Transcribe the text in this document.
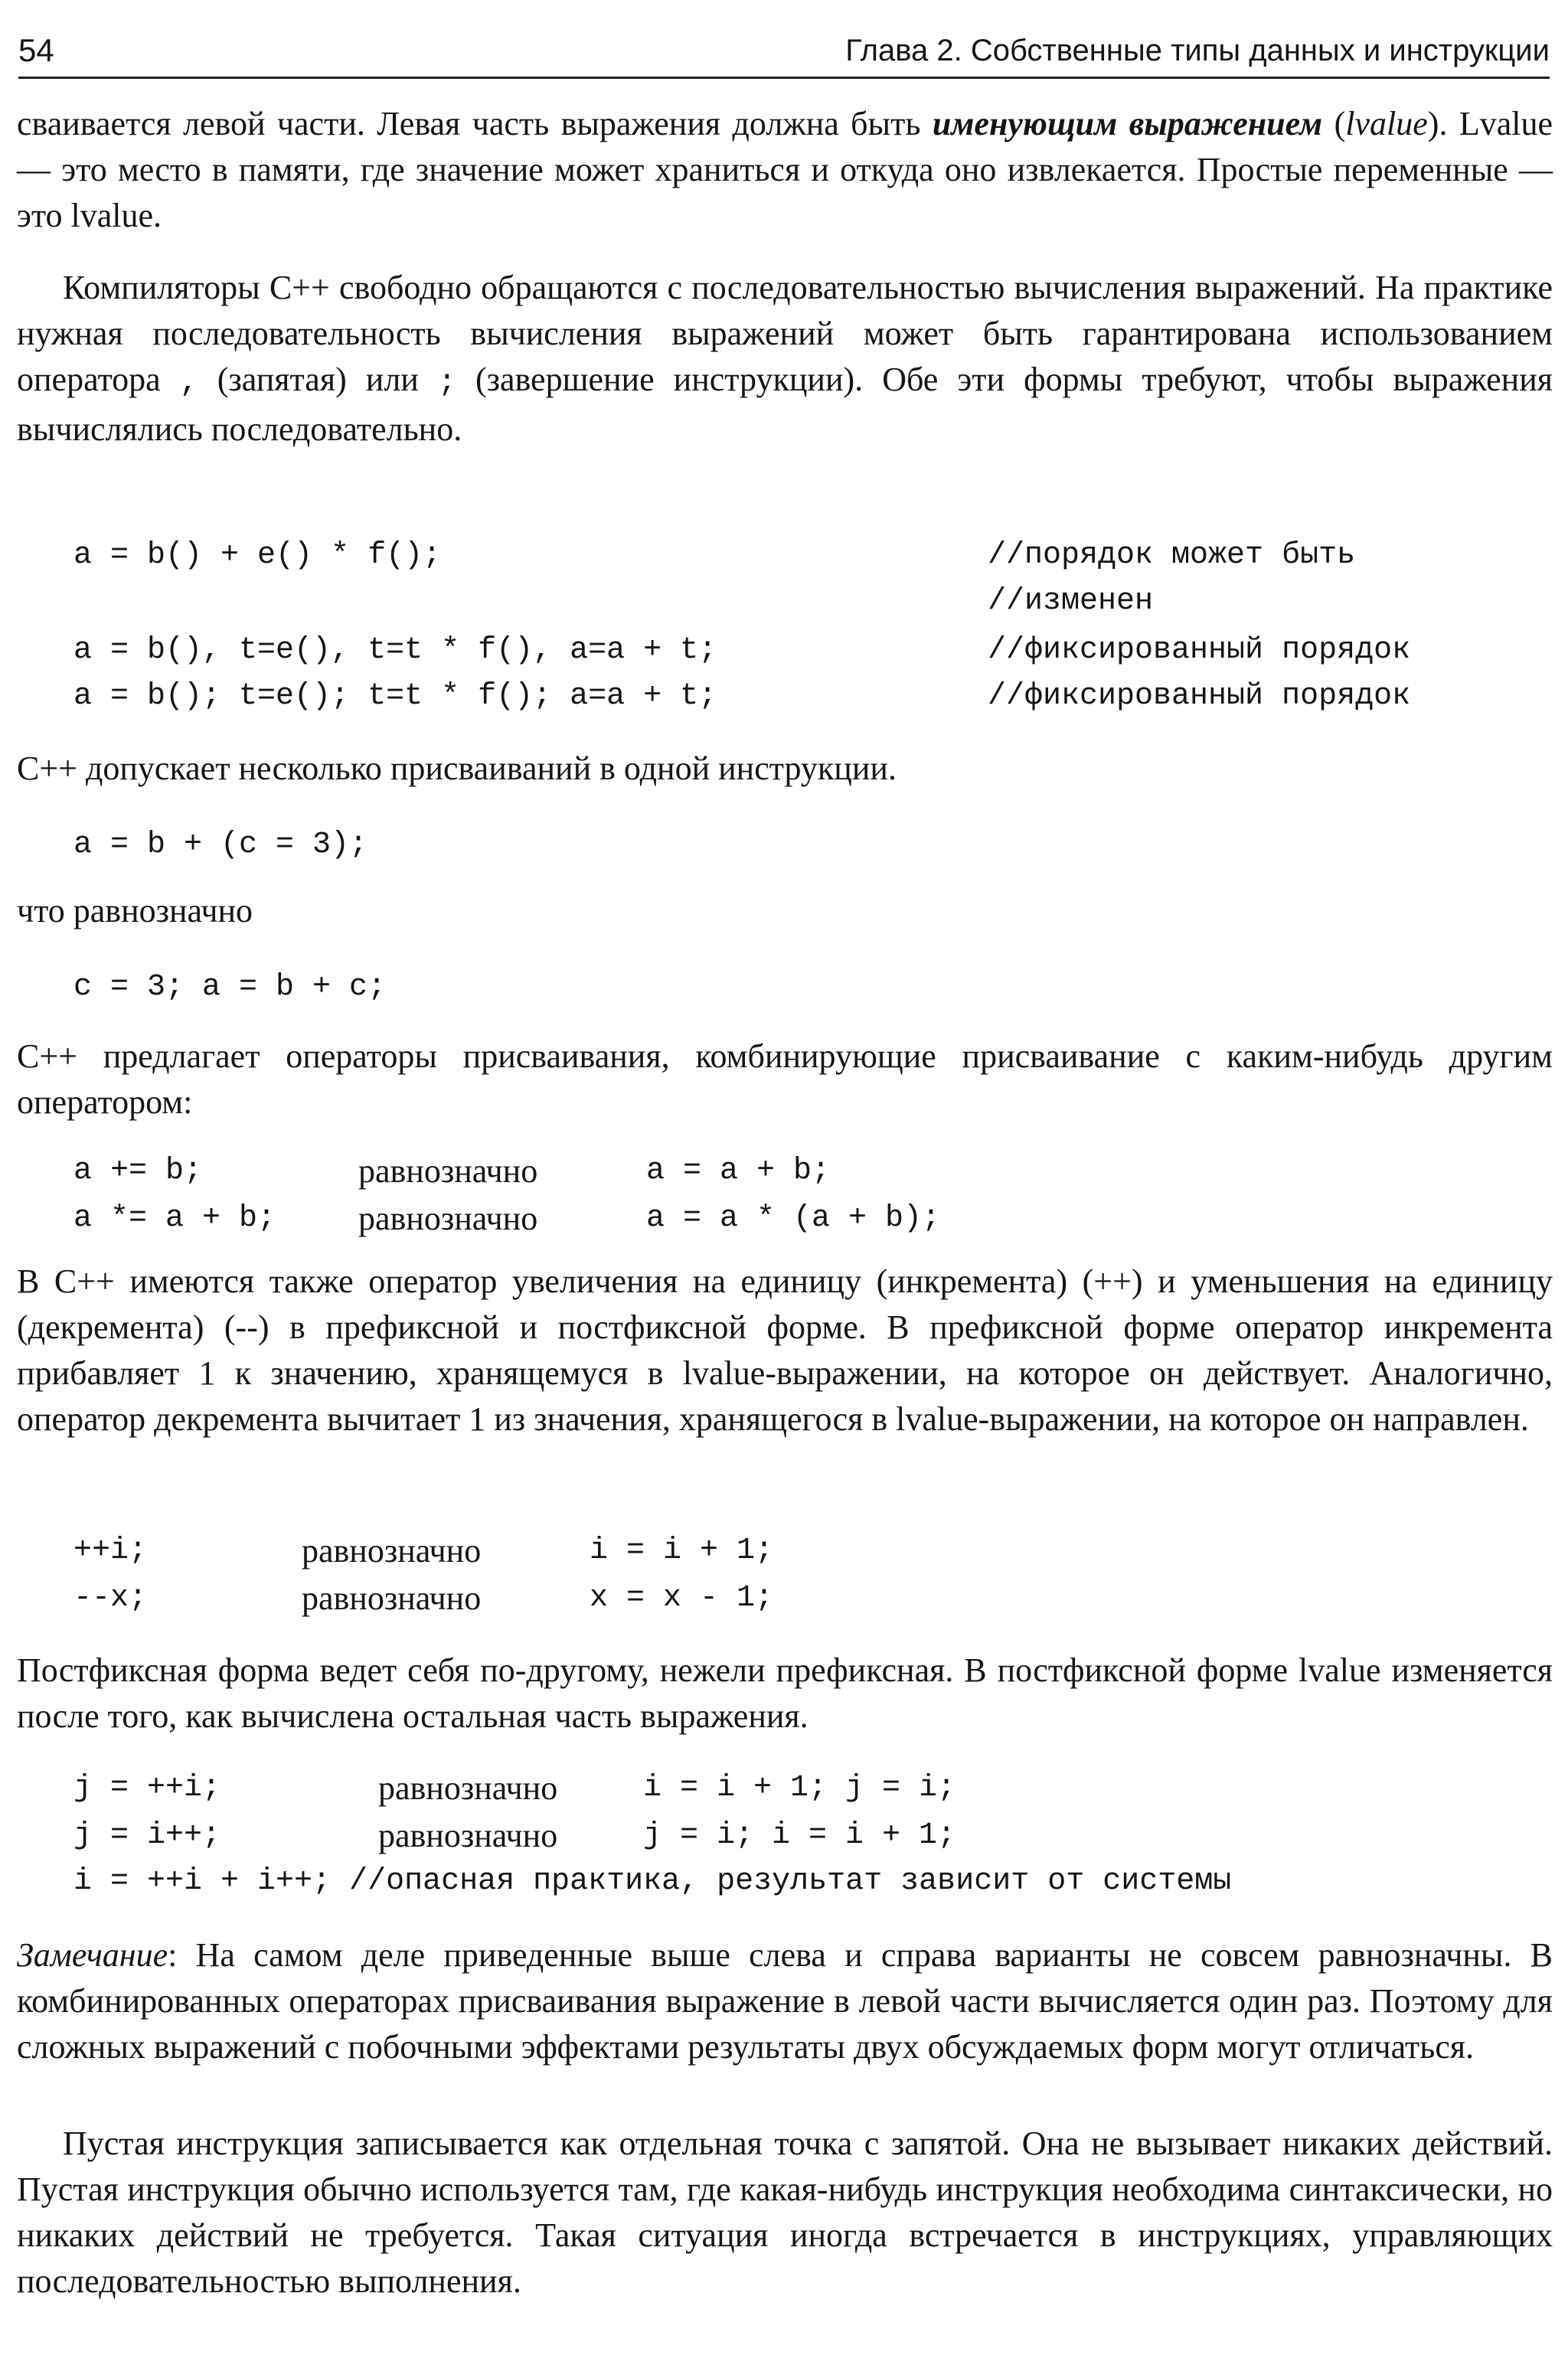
54	Глава 2. Собственные типы данных и инструкции

сваивается левой части. Левая часть выражения должна быть именующим выражением (lvalue). Lvalue — это место в памяти, где значение может храниться и откуда оно извлекается. Простые переменные — это lvalue.

Компиляторы C++ свободно обращаются с последовательностью вычисления выражений. На практике нужная последовательность вычисления выражений может быть гарантирована использованием оператора , (запятая) или ; (завершение инструкции). Обе эти формы требуют, чтобы выражения вычислялись последовательно.

a = b() + e() * f();	//порядок может быть
//изменен
a = b(), t=e(), t=t * f(), a=a + t;	//фиксированный порядок
a = b(); t=e(); t=t * f(); a=a + t;	//фиксированный порядок

C++ допускает несколько присваиваний в одной инструкции.

a = b + (c = 3);

что равнозначно

c = 3; a = b + c;

C++ предлагает операторы присваивания, комбинирующие присваивание с каким-нибудь другим оператором:

a += b;	равнозначно	a = a + b;
a *= a + b; равнозначно	a = a * (a + b);

В C++ имеются также оператор увеличения на единицу (инкремента) (++) и уменьшения на единицу (декремента) (--) в префиксной и постфиксной форме. В префиксной форме оператор инкремента прибавляет 1 к значению, хранящемуся в lvalue-выражении, на которое он действует. Аналогично, оператор декремента вычитает 1 из значения, хранящегося в lvalue-выражении, на которое он направлен.

++i;	равнозначно	i = i + 1;
--x;	равнозначно	x = x - 1;

Постфиксная форма ведет себя по-другому, нежели префиксная. В постфиксной форме lvalue изменяется после того, как вычислена остальная часть выражения.

j = ++i;	равнозначно	i = i + 1; j = i;
j = i++;	равнозначно	j = i; i = i + 1;
i = ++i + i++; //опасная практика, результат зависит от системы

Замечание: На самом деле приведенные выше слева и справа варианты не совсем равнозначны. В комбинированных операторах присваивания выражение в левой части вычисляется один раз. Поэтому для сложных выражений с побочными эффектами результаты двух обсуждаемых форм могут отличаться.

Пустая инструкция записывается как отдельная точка с запятой. Она не вызывает никаких действий. Пустая инструкция обычно используется там, где какая-нибудь инструкция необходима синтаксически, но никаких действий не требуется. Такая ситуация иногда встречается в инструкциях, управляющих последовательностью выполнения.
